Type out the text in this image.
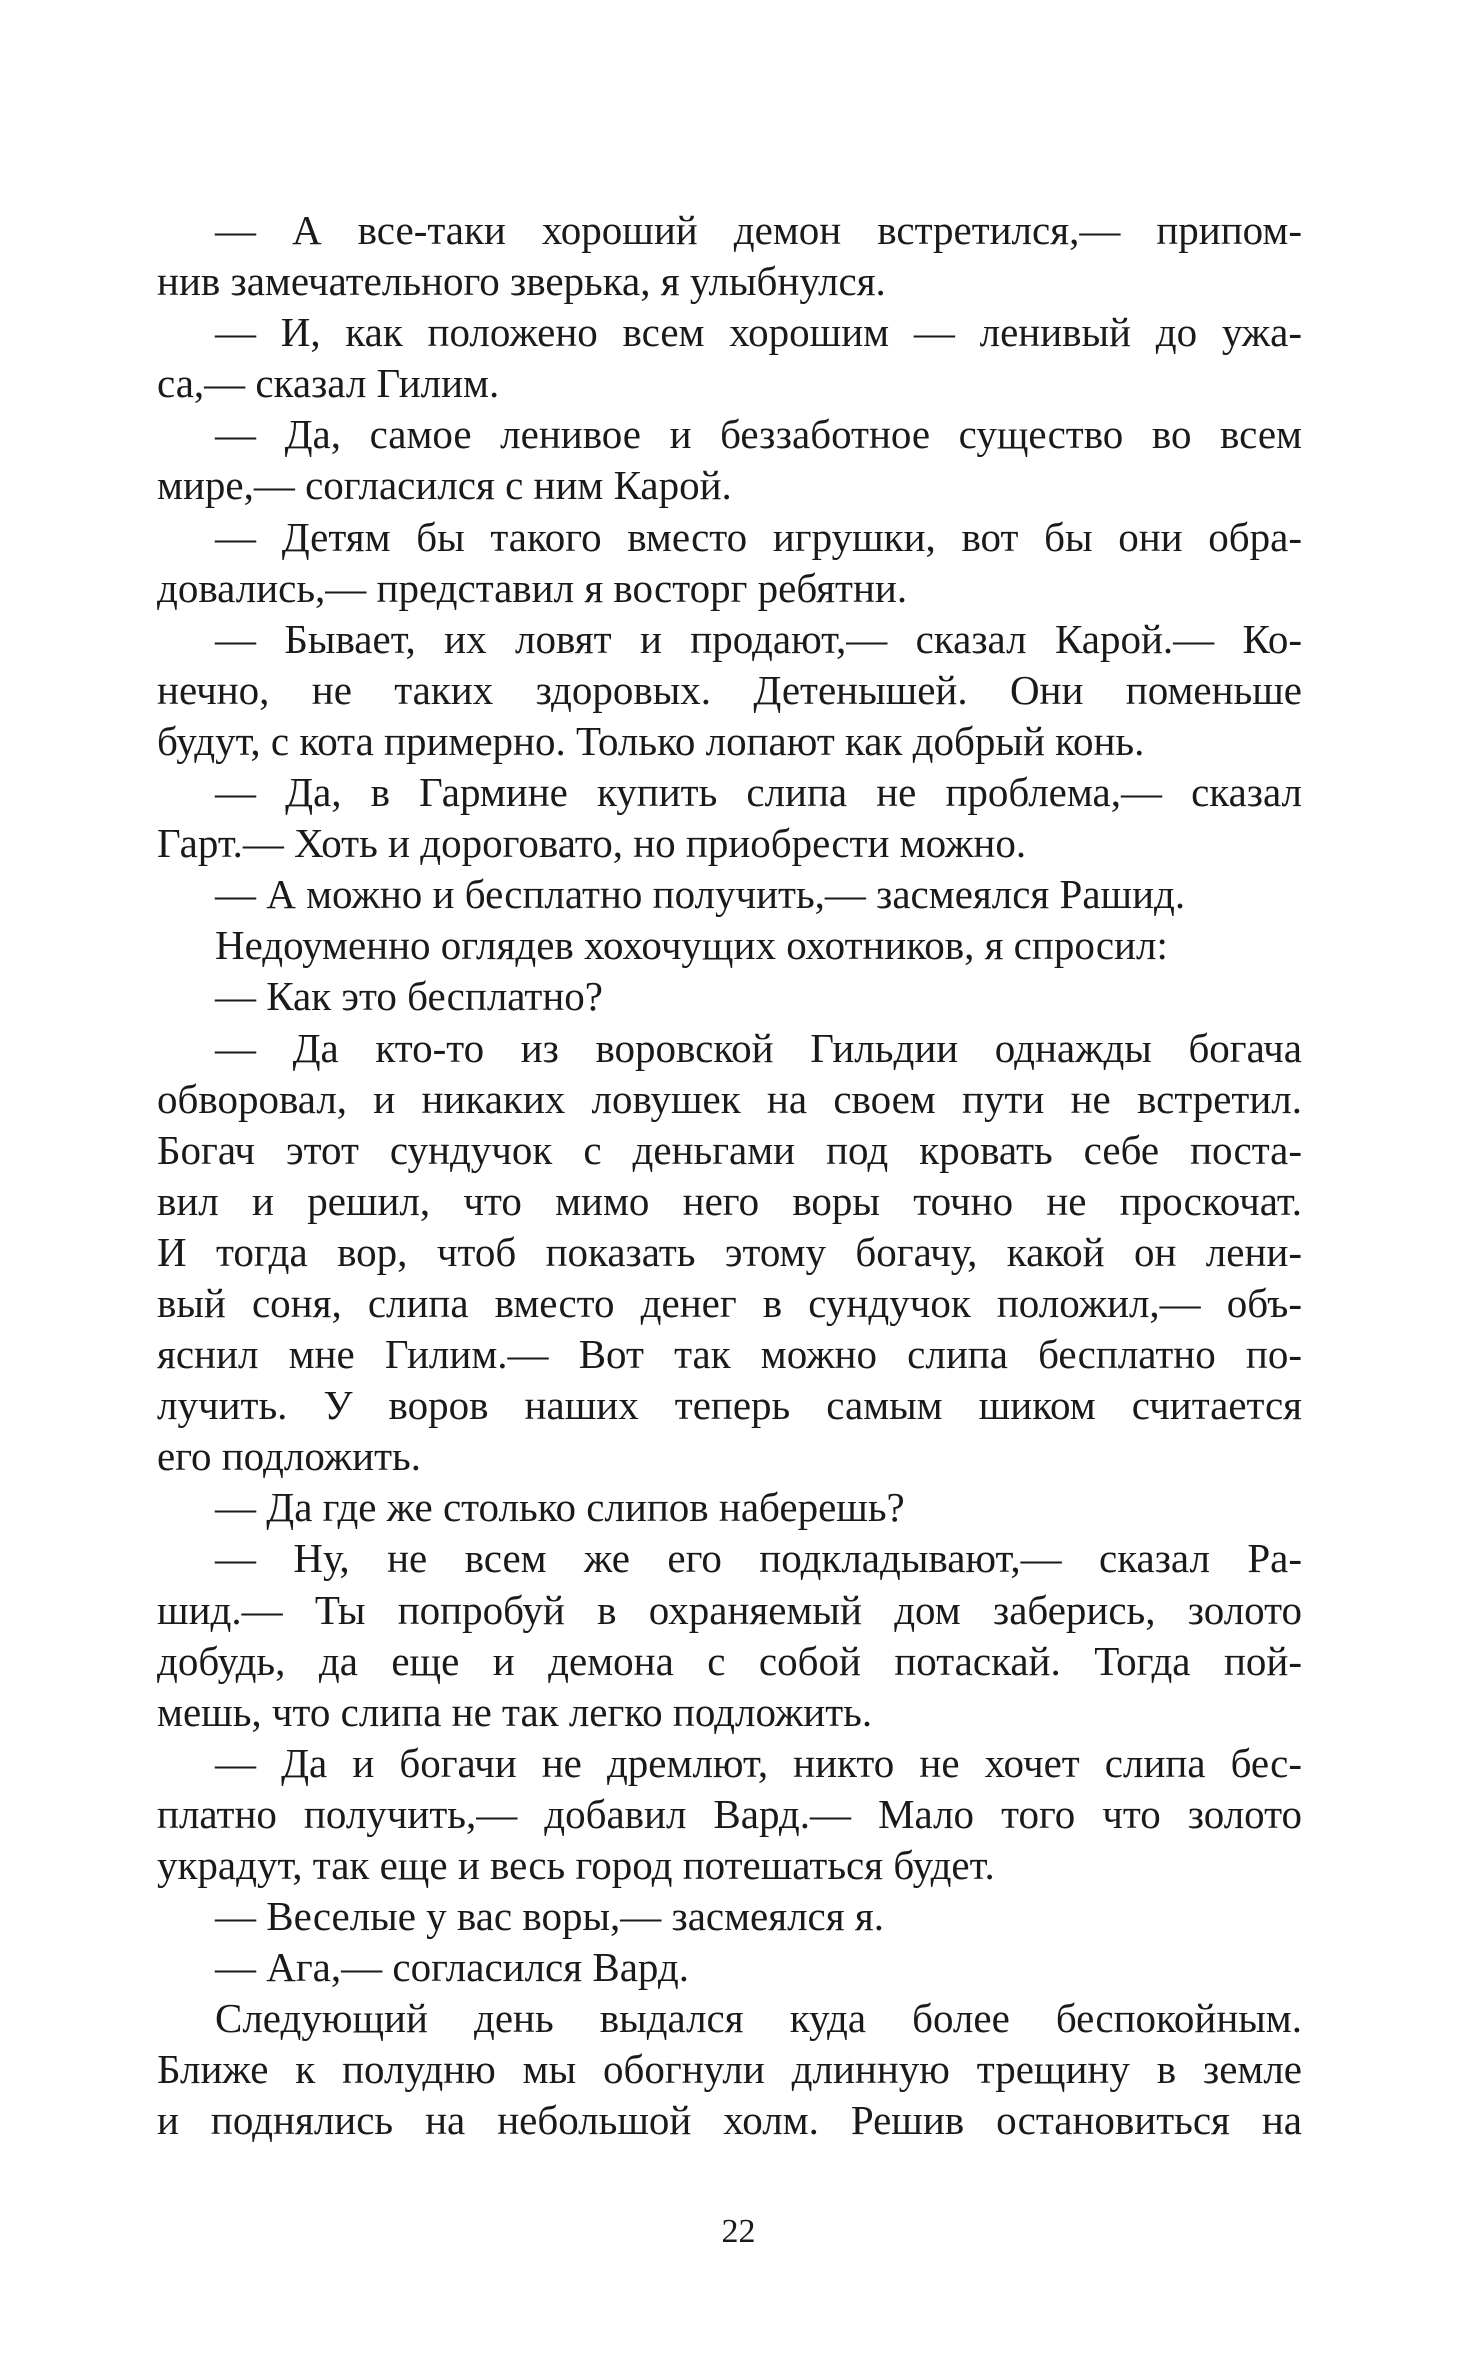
— А все-таки хороший демон встретился,— припом-
нив замечательного зверька, я улыбнулся.
— И, как положено всем хорошим — ленивый до ужа-
са,— сказал Гилим.
— Да, самое ленивое и беззаботное существо во всем
мире,— согласился с ним Карой.
— Детям бы такого вместо игрушки, вот бы они обра-
довались,— представил я восторг ребятни.
— Бывает, их ловят и продают,— сказал Карой.— Ко-
нечно, не таких здоровых. Детенышей. Они поменьше
будут, с кота примерно. Только лопают как добрый конь.
— Да, в Гармине купить слипа не проблема,— сказал
Гарт.— Хоть и дороговато, но приобрести можно.
— А можно и бесплатно получить,— засмеялся Рашид.
Недоуменно оглядев хохочущих охотников, я спросил:
— Как это бесплатно?
— Да кто-то из воровской Гильдии однажды богача
обворовал, и никаких ловушек на своем пути не встретил.
Богач этот сундучок с деньгами под кровать себе поста-
вил и решил, что мимо него воры точно не проскочат.
И тогда вор, чтоб показать этому богачу, какой он лени-
вый соня, слипа вместо денег в сундучок положил,— объ-
яснил мне Гилим.— Вот так можно слипа бесплатно по-
лучить. У воров наших теперь самым шиком считается
его подложить.
— Да где же столько слипов наберешь?
— Ну, не всем же его подкладывают,— сказал Ра-
шид.— Ты попробуй в охраняемый дом заберись, золото
добудь, да еще и демона с собой потаскай. Тогда пой-
мешь, что слипа не так легко подложить.
— Да и богачи не дремлют, никто не хочет слипа бес-
платно получить,— добавил Вард.— Мало того что золото
украдут, так еще и весь город потешаться будет.
— Веселые у вас воры,— засмеялся я.
— Ага,— согласился Вард.
Следующий день выдался куда более беспокойным.
Ближе к полудню мы обогнули длинную трещину в земле
и поднялись на небольшой холм. Решив остановиться на
22
